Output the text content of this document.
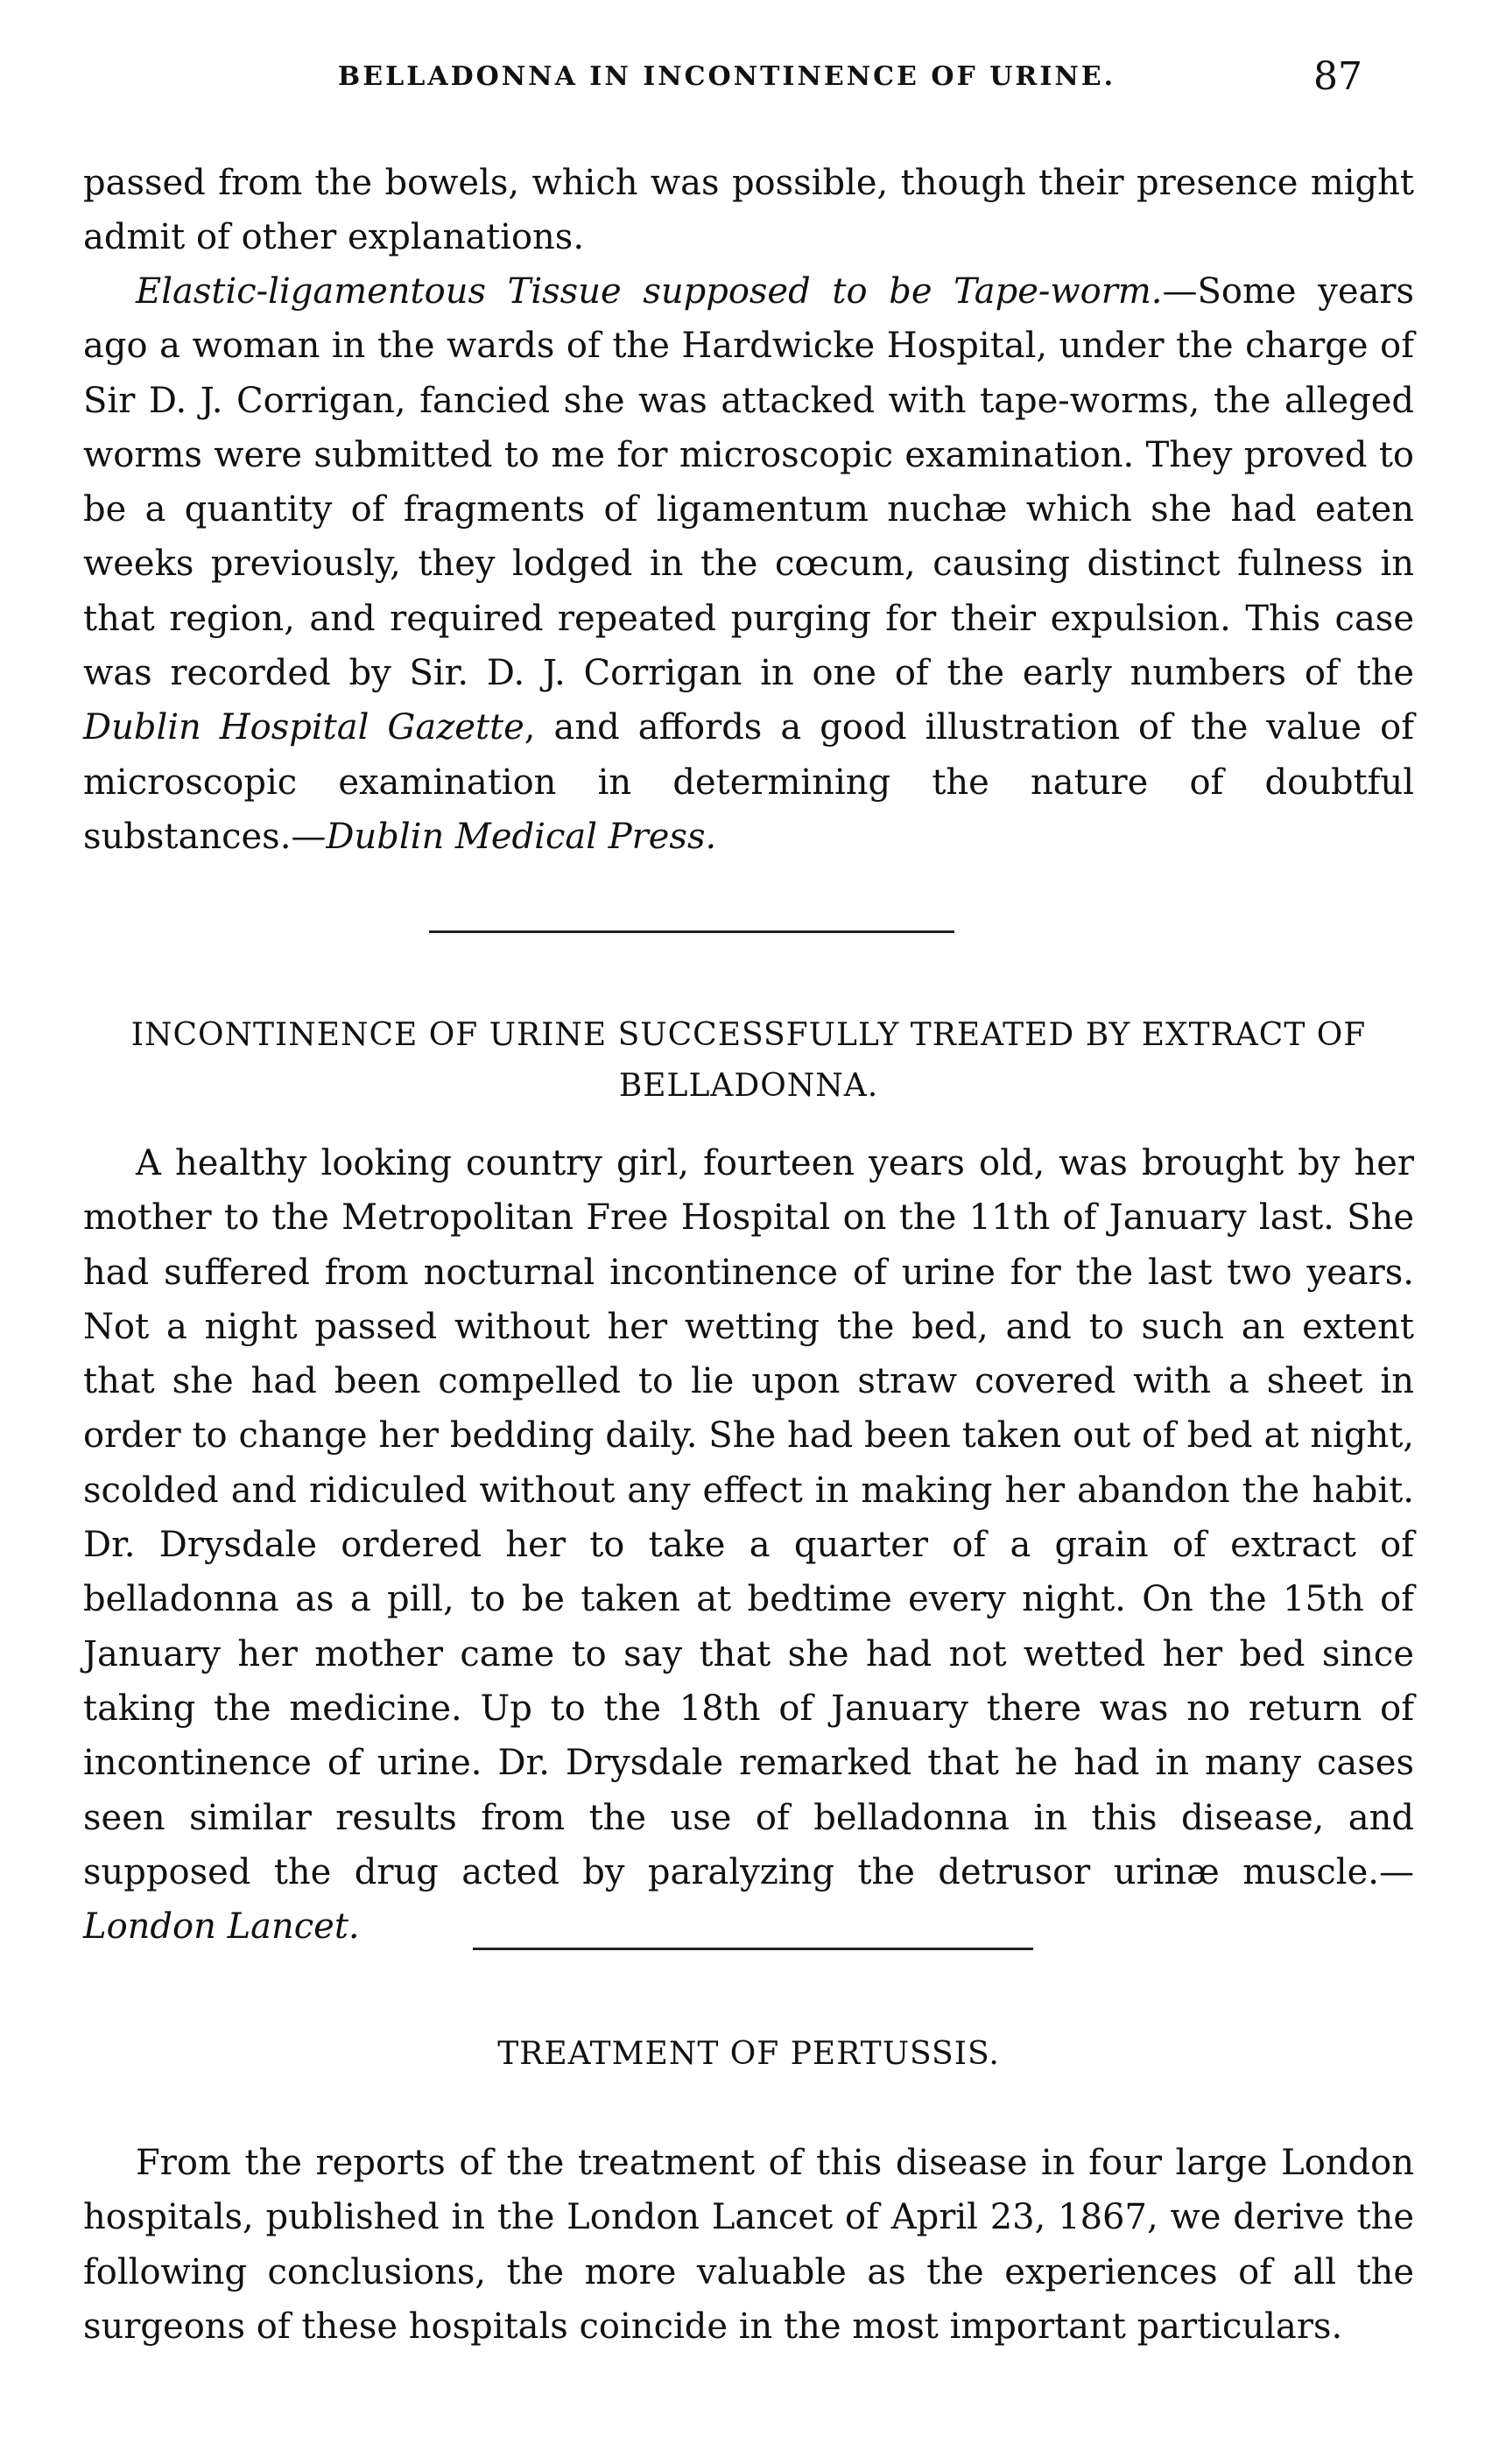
BELLADONNA IN INCONTINENCE OF URINE.	87
passed from the bowels, which was possible, though their presence might admit of other explanations.
Elastic-ligamentous Tissue supposed to be Tape-worm.—Some years ago a woman in the wards of the Hardwicke Hospital, under the charge of Sir D. J. Corrigan, fancied she was attacked with tape-worms, the alleged worms were submitted to me for microscopic examination. They proved to be a quantity of fragments of ligamentum nuchæ which she had eaten weeks previously, they lodged in the cœcum, causing distinct fulness in that region, and required repeated purging for their expulsion. This case was recorded by Sir. D. J. Corrigan in one of the early numbers of the Dublin Hospital Gazette, and affords a good illustration of the value of microscopic examination in determining the nature of doubtful substances.—Dublin Medical Press.
INCONTINENCE OF URINE SUCCESSFULLY TREATED BY EXTRACT OF BELLADONNA.
A healthy looking country girl, fourteen years old, was brought by her mother to the Metropolitan Free Hospital on the 11th of January last. She had suffered from nocturnal incontinence of urine for the last two years. Not a night passed without her wetting the bed, and to such an extent that she had been compelled to lie upon straw covered with a sheet in order to change her bedding daily. She had been taken out of bed at night, scolded and ridiculed without any effect in making her abandon the habit. Dr. Drysdale ordered her to take a quarter of a grain of extract of belladonna as a pill, to be taken at bedtime every night. On the 15th of January her mother came to say that she had not wetted her bed since taking the medicine. Up to the 18th of January there was no return of incontinence of urine. Dr. Drysdale remarked that he had in many cases seen similar results from the use of belladonna in this disease, and supposed the drug acted by paralyzing the detrusor urinæ muscle.—London Lancet.
TREATMENT OF PERTUSSIS.
From the reports of the treatment of this disease in four large London hospitals, published in the London Lancet of April 23, 1867, we derive the following conclusions, the more valuable as the experiences of all the surgeons of these hospitals coincide in the most important particulars.
